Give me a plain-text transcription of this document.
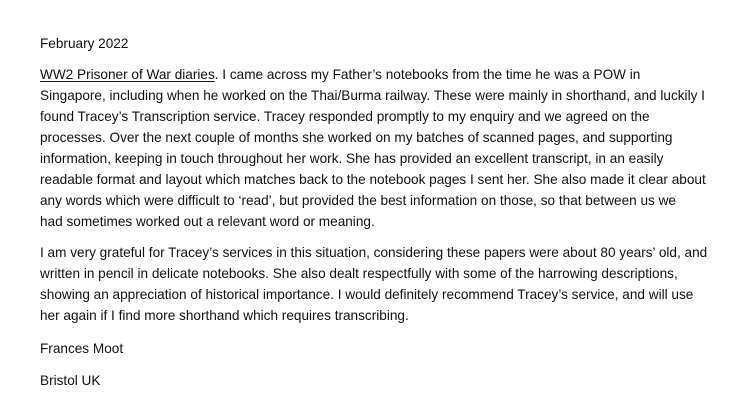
February 2022

WW2 Prisoner of War diaries. I came across my Father’s notebooks from the time he was a POW in
Singapore, including when he worked on the Thai/Burma railway. These were mainly in shorthand, and luckily I
found Tracey’s Transcription service. Tracey responded promptly to my enquiry and we agreed on the
processes. Over the next couple of months she worked on my batches of scanned pages, and supporting
information, keeping in touch throughout her work. She has provided an excellent transcript, in an easily
readable format and layout which matches back to the notebook pages I sent her. She also made it clear about
any words which were difficult to ‘read’, but provided the best information on those, so that between us we
had sometimes worked out a relevant word or meaning.

I am very grateful for Tracey’s services in this situation, considering these papers were about 80 years’ old, and
written in pencil in delicate notebooks. She also dealt respectfully with some of the harrowing descriptions,
showing an appreciation of historical importance. I would definitely recommend Tracey’s service, and will use
her again if I find more shorthand which requires transcribing.

Frances Moot

Bristol UK
